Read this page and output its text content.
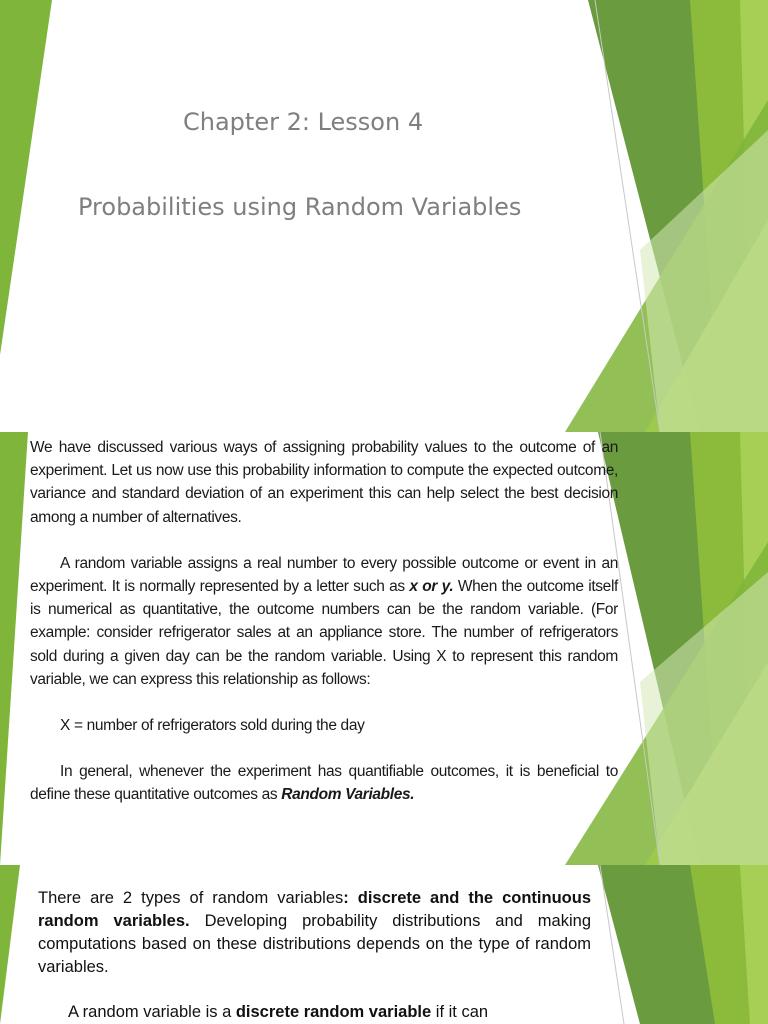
Chapter 2: Lesson 4
Probabilities using Random Variables

We have discussed various ways of assigning probability values to the outcome of an experiment. Let us now use this probability information to compute the expected outcome, variance and standard deviation of an experiment this can help select the best decision among a number of alternatives.

A random variable assigns a real number to every possible outcome or event in an experiment. It is normally represented by a letter such as x or y. When the outcome itself is numerical as quantitative, the outcome numbers can be the random variable. (For example: consider refrigerator sales at an appliance store. The number of refrigerators sold during a given day can be the random variable. Using X to represent this random variable, we can express this relationship as follows:

X = number of refrigerators sold during the day

In general, whenever the experiment has quantifiable outcomes, it is beneficial to define these quantitative outcomes as Random Variables.

There are 2 types of random variables: discrete and the continuous random variables. Developing probability distributions and making computations based on these distributions depends on the type of random variables.

A random variable is a discrete random variable if it can
